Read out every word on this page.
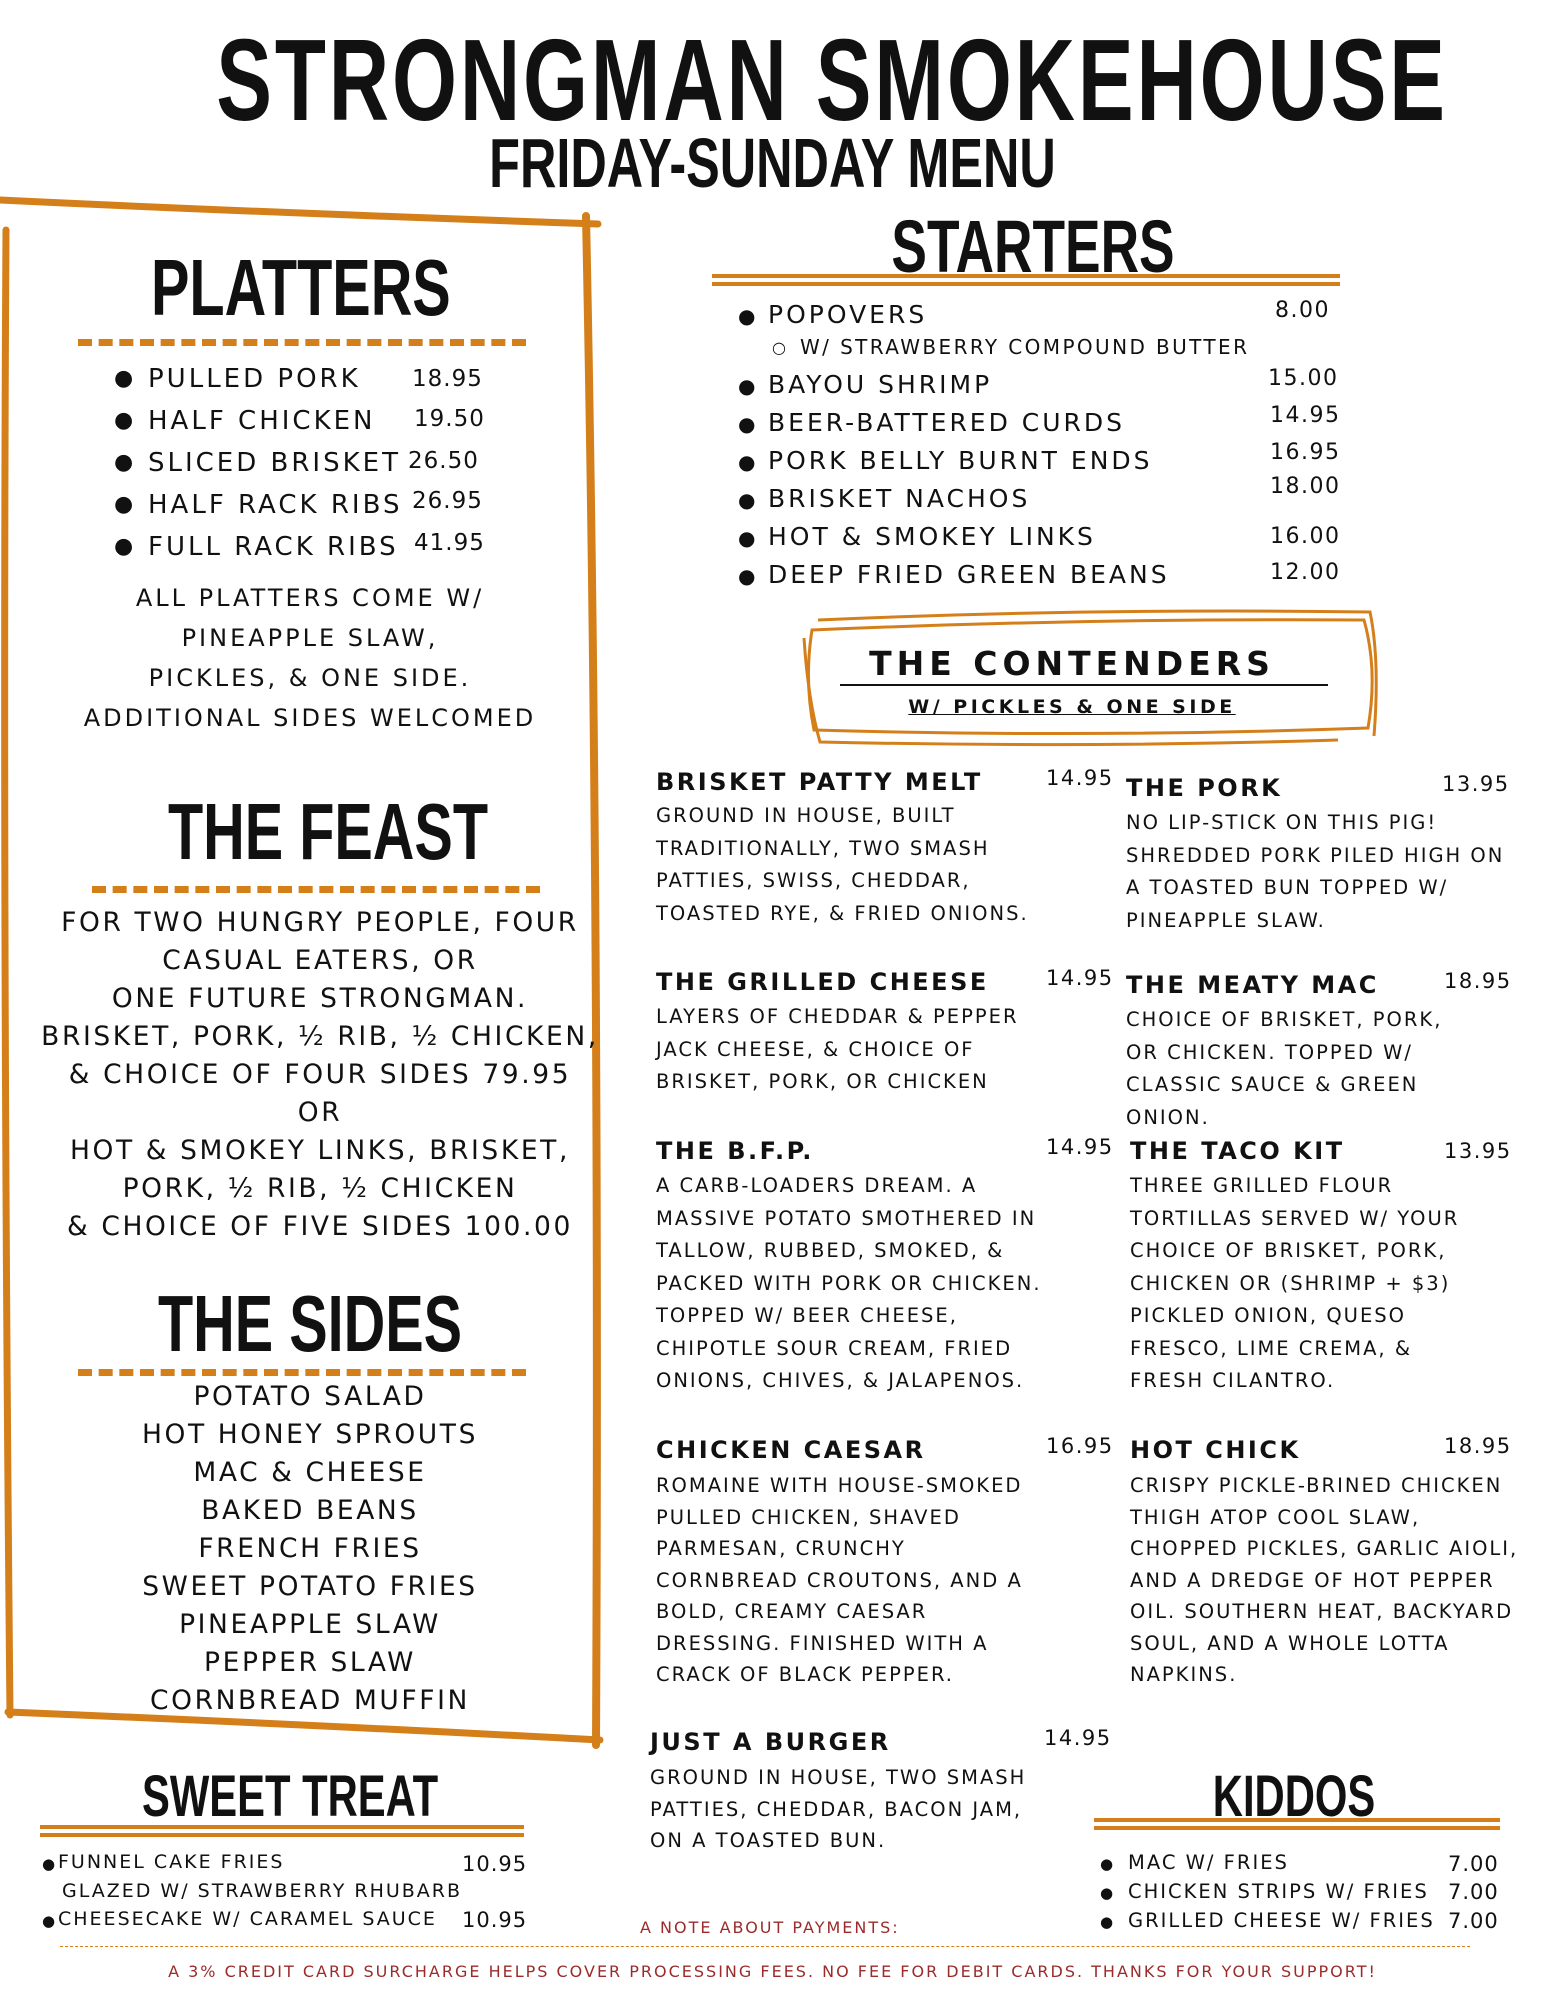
STRONGMAN SMOKEHOUSE
FRIDAY-SUNDAY MENU
PLATTERS
● PULLED PORK 18.95
● HALF CHICKEN 19.50
● SLICED BRISKET 26.50
● HALF RACK RIBS 26.95
● FULL RACK RIBS 41.95
ALL PLATTERS COME W/
PINEAPPLE SLAW,
PICKLES, & ONE SIDE.
ADDITIONAL SIDES WELCOMED
THE FEAST
FOR TWO HUNGRY PEOPLE, FOUR
CASUAL EATERS, OR
ONE FUTURE STRONGMAN.
BRISKET, PORK, ½ RIB, ½ CHICKEN,
& CHOICE OF FOUR SIDES 79.95
OR
HOT & SMOKEY LINKS, BRISKET,
PORK, ½ RIB, ½ CHICKEN
& CHOICE OF FIVE SIDES 100.00
THE SIDES
POTATO SALAD
HOT HONEY SPROUTS
MAC & CHEESE
BAKED BEANS
FRENCH FRIES
SWEET POTATO FRIES
PINEAPPLE SLAW
PEPPER SLAW
CORNBREAD MUFFIN
SWEET TREAT
● FUNNEL CAKE FRIES	10.95
GLAZED W/ STRAWBERRY RHUBARB
● CHEESECAKE W/ CARAMEL SAUCE 10.95
STARTERS
● POPOVERS	8.00
○ W/ STRAWBERRY COMPOUND BUTTER
● BAYOU SHRIMP	15.00
● BEER-BATTERED CURDS	14.95
● PORK BELLY BURNT ENDS	16.95
● BRISKET NACHOS	18.00
● HOT & SMOKEY LINKS	16.00
● DEEP FRIED GREEN BEANS	12.00
THE CONTENDERS
W/ PICKLES & ONE SIDE
BRISKET PATTY MELT	14.95
GROUND IN HOUSE, BUILT
TRADITIONALLY, TWO SMASH
PATTIES, SWISS, CHEDDAR,
TOASTED RYE, & FRIED ONIONS.
THE GRILLED CHEESE	14.95
LAYERS OF CHEDDAR & PEPPER
JACK CHEESE, & CHOICE OF
BRISKET, PORK, OR CHICKEN
THE B.F.P.	14.95
A CARB-LOADERS DREAM. A
MASSIVE POTATO SMOTHERED IN
TALLOW, RUBBED, SMOKED, &
PACKED WITH PORK OR CHICKEN.
TOPPED W/ BEER CHEESE,
CHIPOTLE SOUR CREAM, FRIED
ONIONS, CHIVES, & JALAPENOS.
CHICKEN CAESAR	16.95
ROMAINE WITH HOUSE-SMOKED
PULLED CHICKEN, SHAVED
PARMESAN, CRUNCHY
CORNBREAD CROUTONS, AND A
BOLD, CREAMY CAESAR
DRESSING. FINISHED WITH A
CRACK OF BLACK PEPPER.
JUST A BURGER	14.95
GROUND IN HOUSE, TWO SMASH
PATTIES, CHEDDAR, BACON JAM,
ON A TOASTED BUN.
THE PORK	13.95
NO LIP-STICK ON THIS PIG!
SHREDDED PORK PILED HIGH ON
A TOASTED BUN TOPPED W/
PINEAPPLE SLAW.
THE MEATY MAC	18.95
CHOICE OF BRISKET, PORK,
OR CHICKEN. TOPPED W/
CLASSIC SAUCE & GREEN
ONION.
THE TACO KIT	13.95
THREE GRILLED FLOUR
TORTILLAS SERVED W/ YOUR
CHOICE OF BRISKET, PORK,
CHICKEN OR (SHRIMP + $3)
PICKLED ONION, QUESO
FRESCO, LIME CREMA, &
FRESH CILANTRO.
HOT CHICK	18.95
CRISPY PICKLE-BRINED CHICKEN
THIGH ATOP COOL SLAW,
CHOPPED PICKLES, GARLIC AIOLI,
AND A DREDGE OF HOT PEPPER
OIL. SOUTHERN HEAT, BACKYARD
SOUL, AND A WHOLE LOTTA
NAPKINS.
KIDDOS
● MAC W/ FRIES	7.00
● CHICKEN STRIPS W/ FRIES 7.00
● GRILLED CHEESE W/ FRIES 7.00
A NOTE ABOUT PAYMENTS:
A 3% CREDIT CARD SURCHARGE HELPS COVER PROCESSING FEES. NO FEE FOR DEBIT CARDS. THANKS FOR YOUR SUPPORT!
